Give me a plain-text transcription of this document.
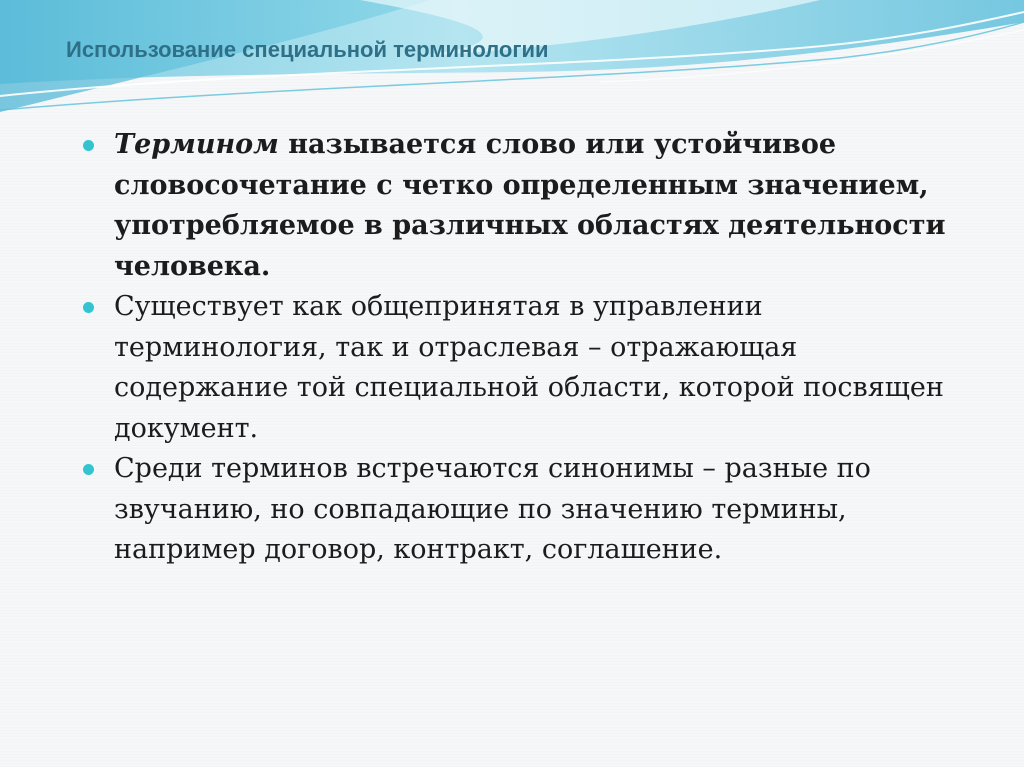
Использование специальной терминологии
Термином называется слово или устойчивое словосочетание с четко определенным значением, употребляемое в различных областях деятельности человека.
Существует как общепринятая в управлении терминология, так и отраслевая – отражающая содержание той специальной области, которой посвящен документ.
Среди терминов встречаются синонимы – разные по звучанию, но совпадающие по значению термины, например договор, контракт, соглашение.
